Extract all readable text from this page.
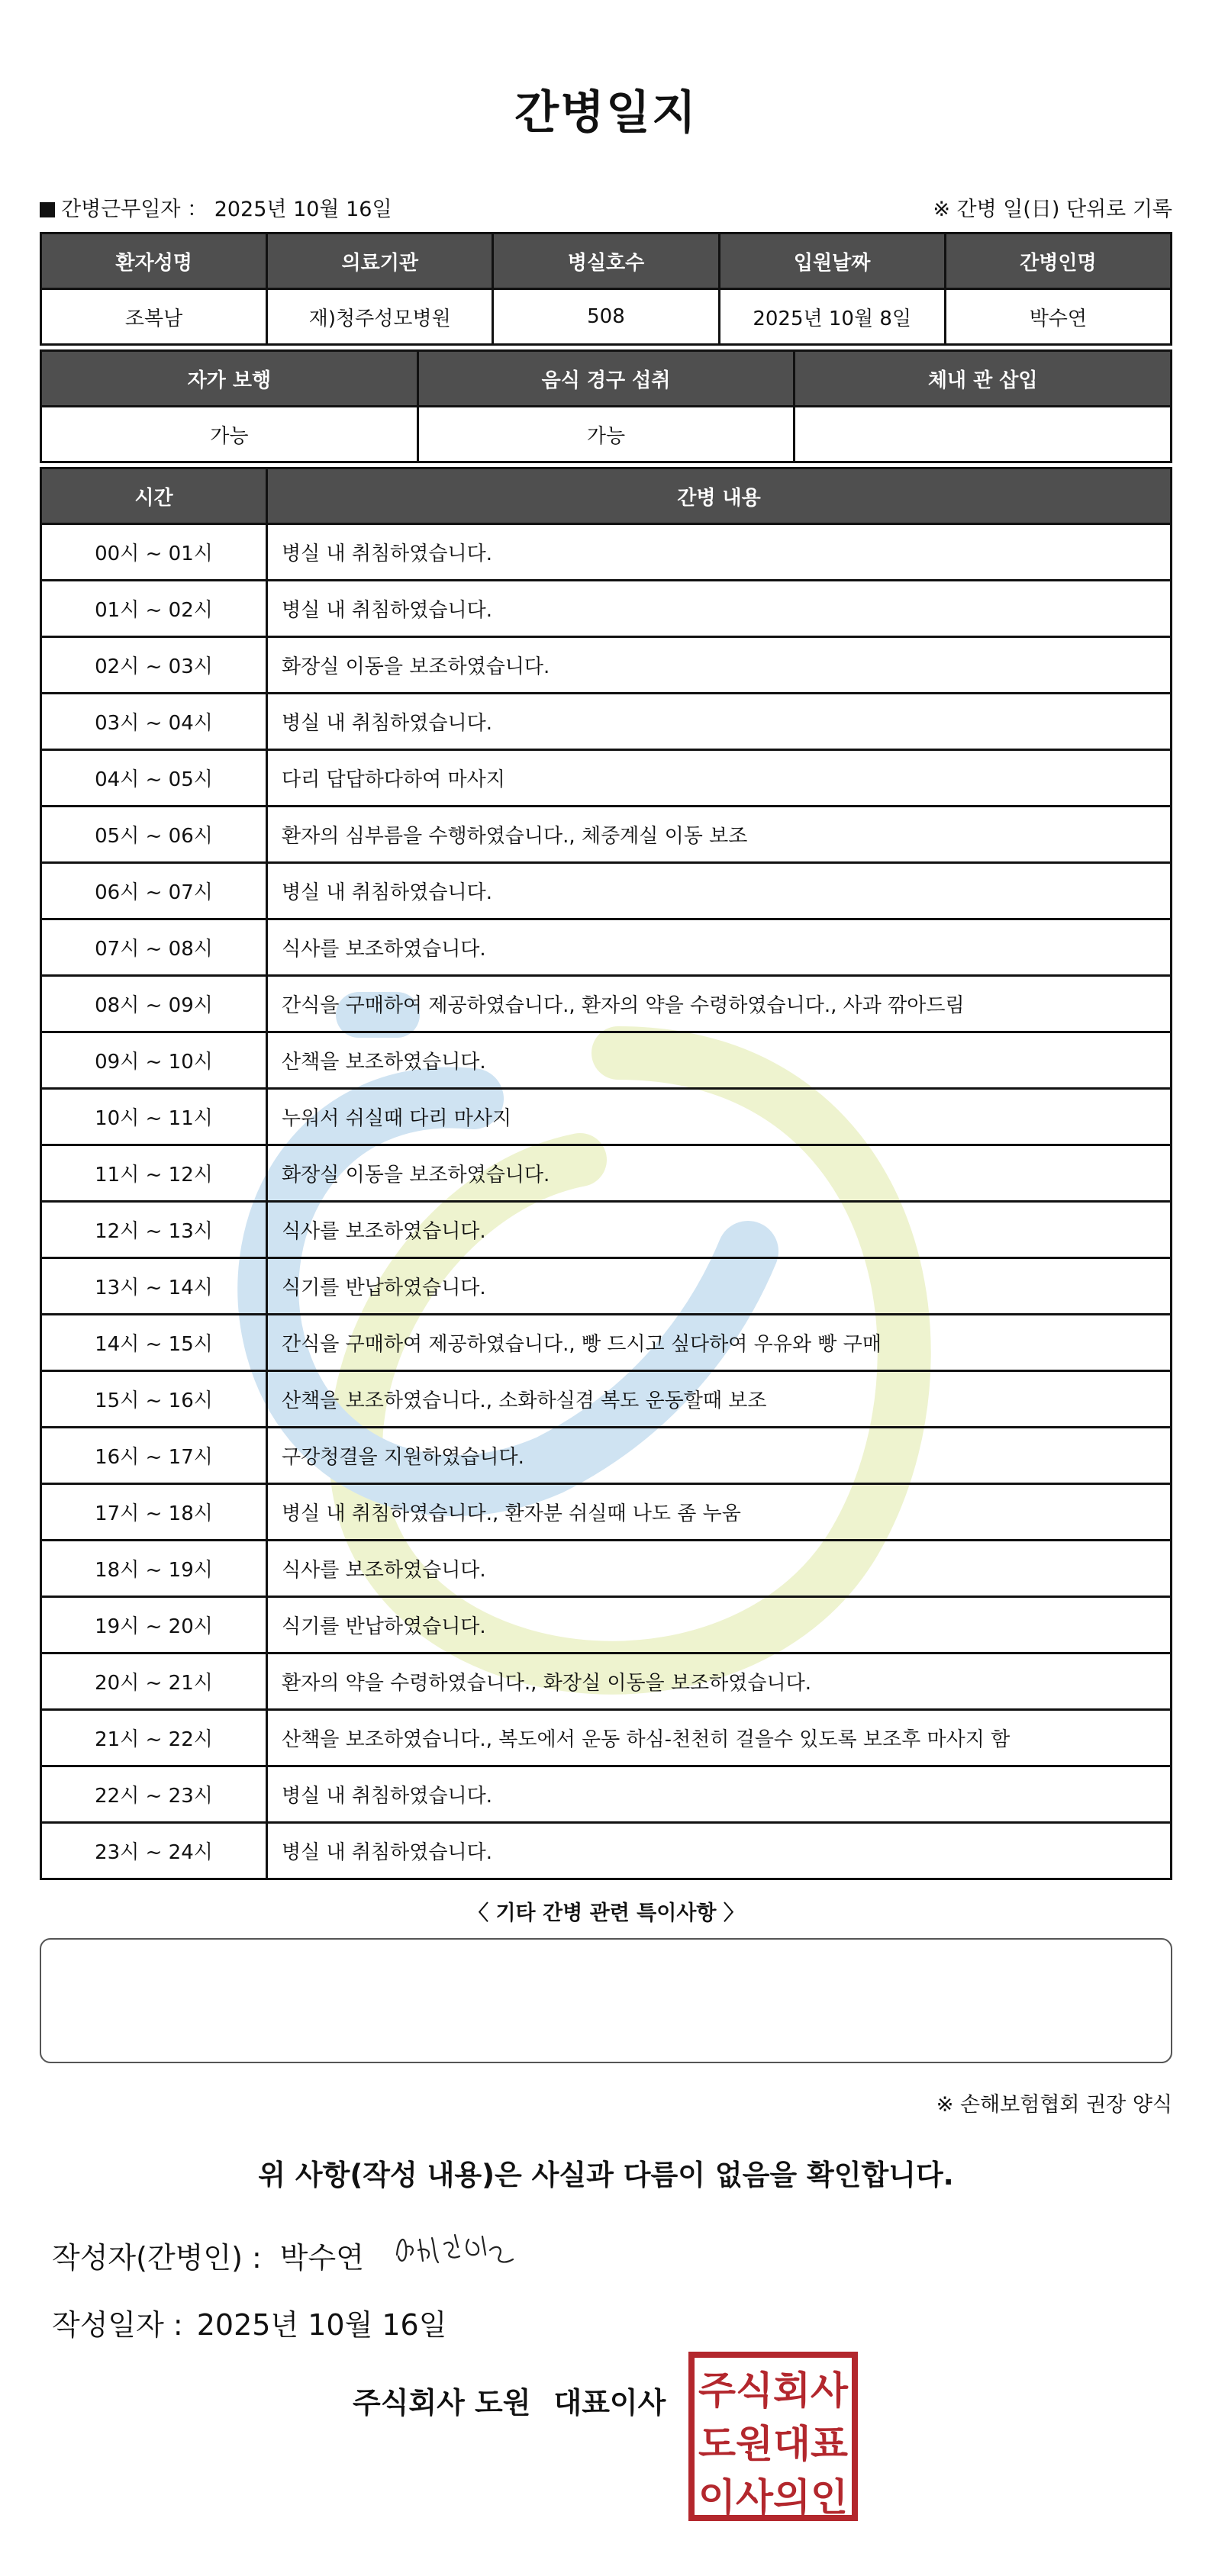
간병일지
간병근무일자 ： 2025년 10월 16일	※ 간병 일(日) 단위로 기록
환자성명	의료기관	병실호수	입원날짜	간병인명
조복남	재)청주성모병원	508	2025년 10월 8일	박수연
자가 보행	음식 경구 섭취	체내 관 삽입
가능	가능	
시간	간병 내용
00시 ~ 01시	병실 내 취침하였습니다.
01시 ~ 02시	병실 내 취침하였습니다.
02시 ~ 03시	화장실 이동을 보조하였습니다.
03시 ~ 04시	병실 내 취침하였습니다.
04시 ~ 05시	다리 답답하다하여 마사지
05시 ~ 06시	환자의 심부름을 수행하였습니다., 체중계실 이동 보조
06시 ~ 07시	병실 내 취침하였습니다.
07시 ~ 08시	식사를 보조하였습니다.
08시 ~ 09시	간식을 구매하여 제공하였습니다., 환자의 약을 수령하였습니다., 사과 깎아드림
09시 ~ 10시	산책을 보조하였습니다.
10시 ~ 11시	누워서 쉬실때 다리 마사지
11시 ~ 12시	화장실 이동을 보조하였습니다.
12시 ~ 13시	식사를 보조하였습니다.
13시 ~ 14시	식기를 반납하였습니다.
14시 ~ 15시	간식을 구매하여 제공하였습니다., 빵 드시고 싶다하여 우유와 빵 구매
15시 ~ 16시	산책을 보조하였습니다., 소화하실겸 복도 운동할때 보조
16시 ~ 17시	구강청결을 지원하였습니다.
17시 ~ 18시	병실 내 취침하였습니다., 환자분 쉬실때 나도 좀 누움
18시 ~ 19시	식사를 보조하였습니다.
19시 ~ 20시	식기를 반납하였습니다.
20시 ~ 21시	환자의 약을 수령하였습니다., 화장실 이동을 보조하였습니다.
21시 ~ 22시	산책을 보조하였습니다., 복도에서 운동 하심-천천히 걸을수 있도록 보조후 마사지 함
22시 ~ 23시	병실 내 취침하였습니다.
23시 ~ 24시	병실 내 취침하였습니다.
〈 기타 간병 관련 특이사항 〉
※ 손해보험협회 권장 양식
위 사항(작성 내용)은 사실과 다름이 없음을 확인합니다.
작성자(간병인) : 박수연
작성일자 : 2025년 10월 16일
주식회사 도원 대표이사 주식회사
도원대표
이사의인
